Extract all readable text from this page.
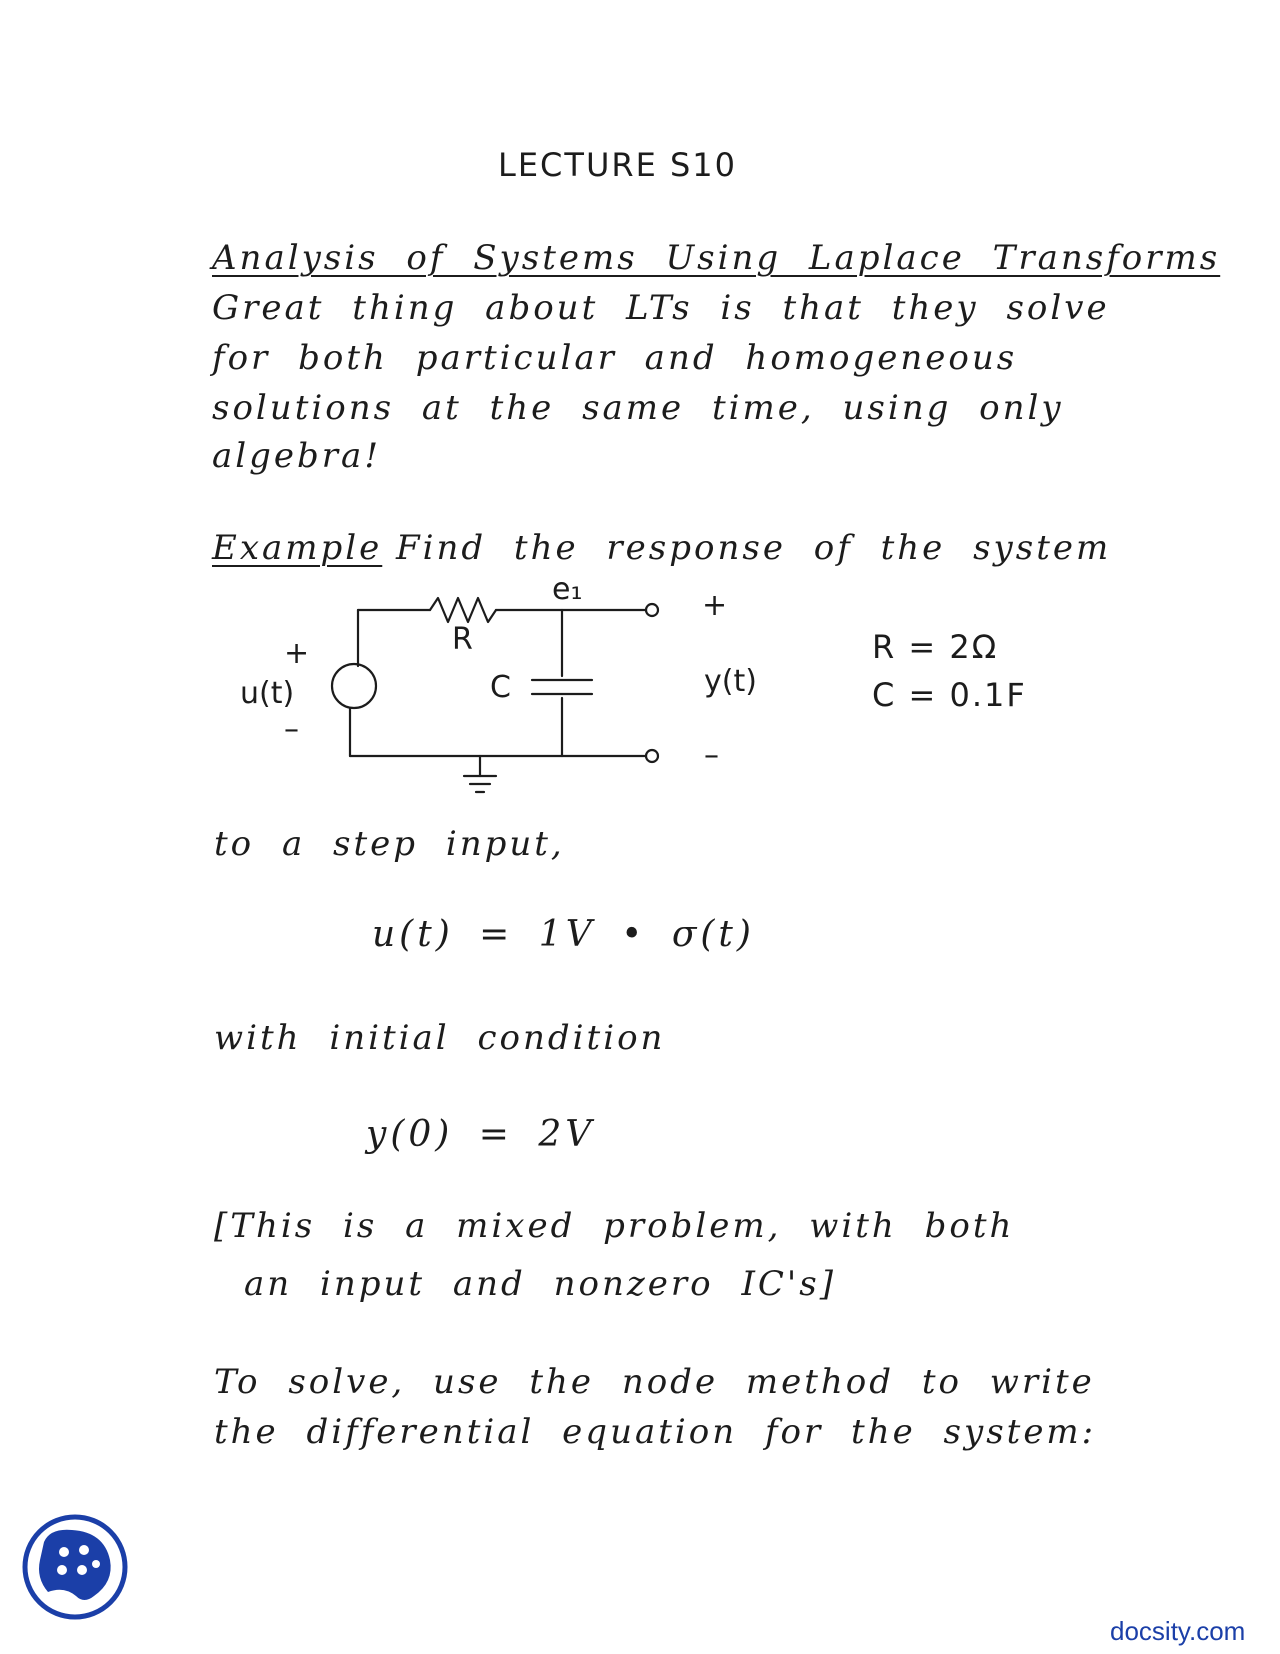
LECTURE S10
Analysis of Systems Using Laplace Transforms
Great thing about LTs is that they solve
for both particular and homogeneous
solutions at the same time, using only
algebra!
Example Find the response of the system
e₁
R
C
+
u(t)
–
+
y(t)
–
R = 2Ω
C = 0.1F
to a step input,
u(t) = 1V • σ(t)
with initial condition
y(0) = 2V
[This is a mixed problem, with both
an input and nonzero IC's]
To solve, use the node method to write
the differential equation for the system:
docsity.com
